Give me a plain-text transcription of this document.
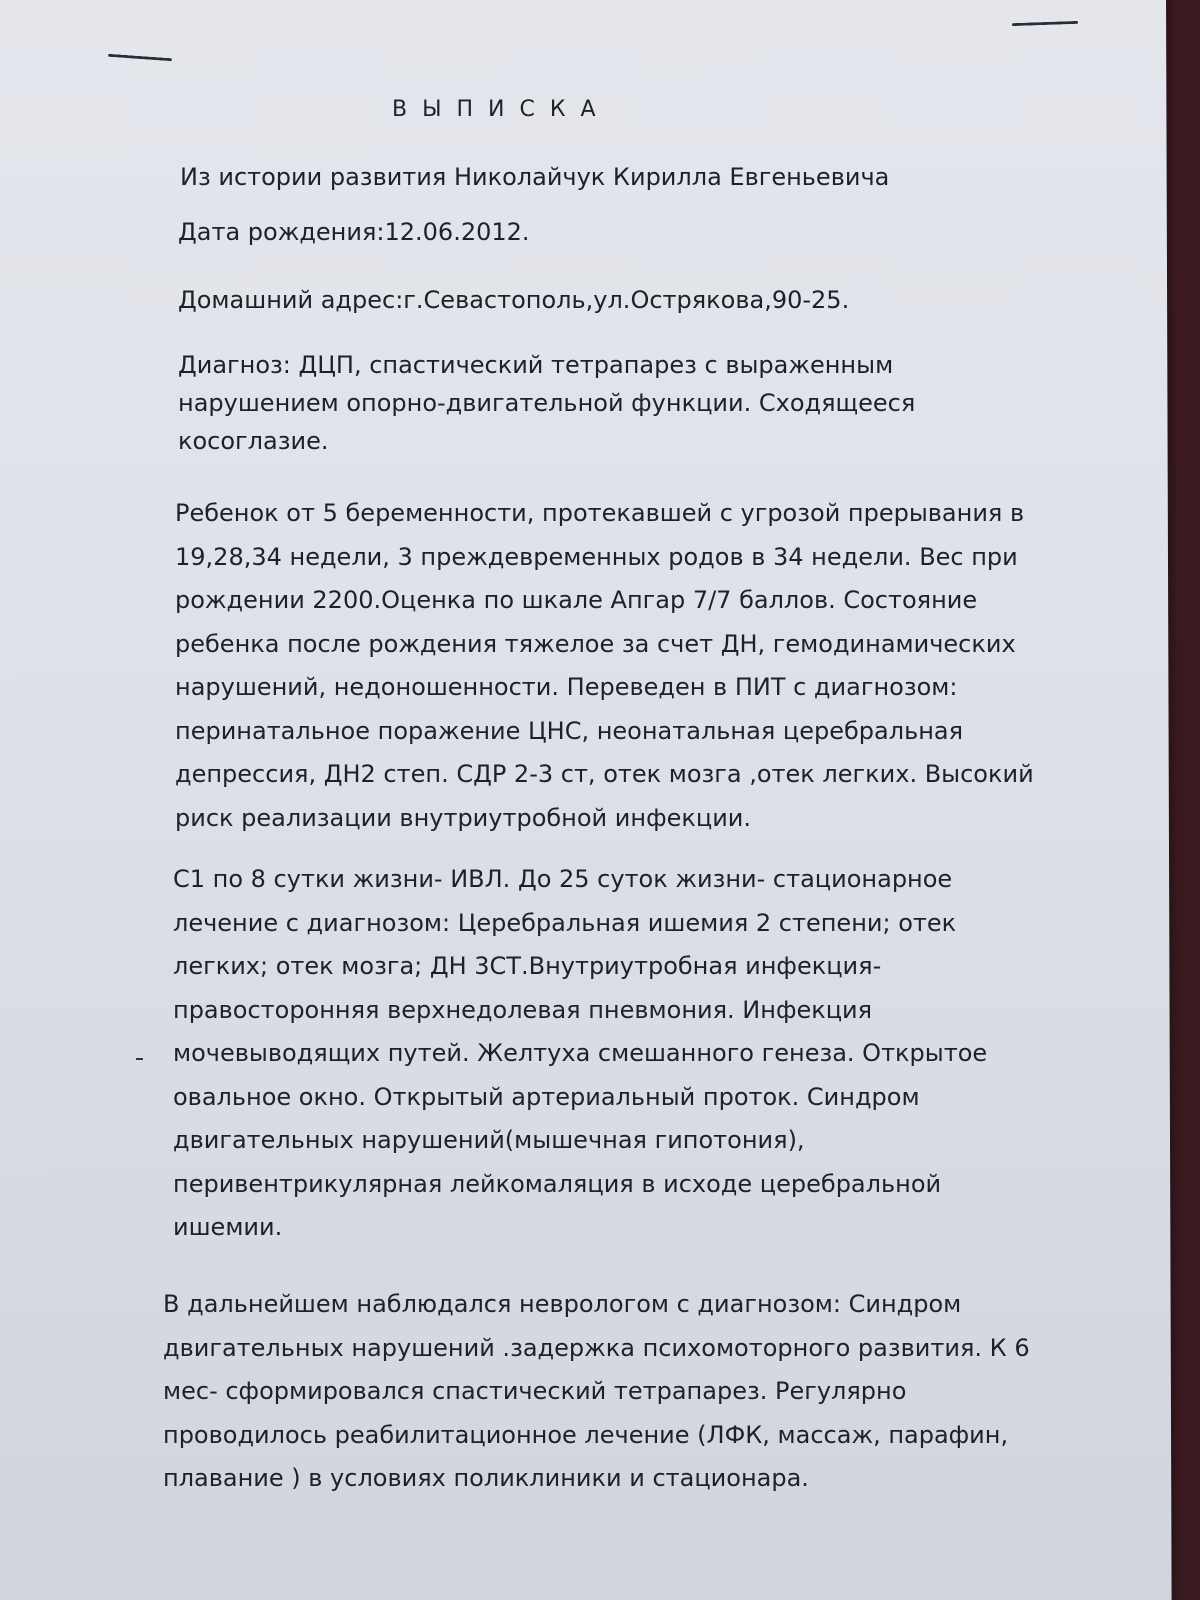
В Ы П И С К А
Из истории развития Николайчук Кирилла Евгеньевича
Дата рождения:12.06.2012.
Домашний адрес:г.Севастополь,ул.Острякова,90-25.
Диагноз: ДЦП, спастический тетрапарез с выраженным
нарушением опорно-двигательной функции. Сходящееся
косоглазие.
Ребенок от 5 беременности, протекавшей с угрозой прерывания в
19,28,34 недели, 3 преждевременных родов в 34 недели. Вес при
рождении 2200.Оценка по шкале Апгар 7/7 баллов. Состояние
ребенка после рождения тяжелое за счет ДН, гемодинамических
нарушений, недоношенности. Переведен в ПИТ с диагнозом:
перинатальное поражение ЦНС, неонатальная церебральная
депрессия, ДН2 степ. СДР 2-3 ст, отек мозга ,отек легких. Высокий
риск реализации внутриутробной инфекции.
С1 по 8 сутки жизни- ИВЛ. До 25 суток жизни- стационарное
лечение с диагнозом: Церебральная ишемия 2 степени; отек
легких; отек мозга; ДН 3СТ.Внутриутробная инфекция-
правосторонняя верхнедолевая пневмония. Инфекция
мочевыводящих путей. Желтуха смешанного генеза. Открытое
овальное окно. Открытый артериальный проток. Синдром
двигательных нарушений(мышечная гипотония),
перивентрикулярная лейкомаляция в исходе церебральной
ишемии.
В дальнейшем наблюдался неврологом с диагнозом: Синдром
двигательных нарушений .задержка психомоторного развития. К 6
мес- сформировался спастический тетрапарез. Регулярно
проводилось реабилитационное лечение (ЛФК, массаж, парафин,
плавание ) в условиях поликлиники и стационара.
